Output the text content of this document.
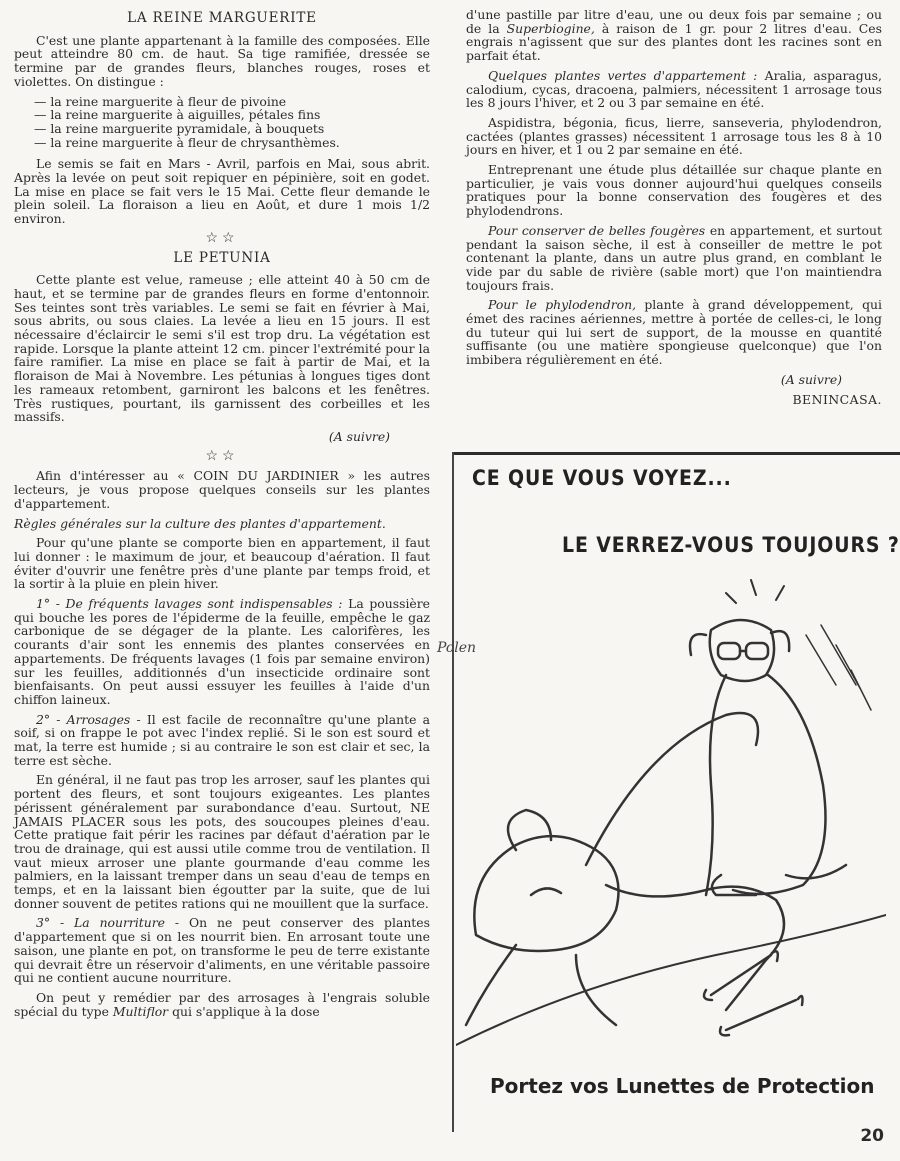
LA REINE MARGUERITE

C'est une plante appartenant à la famille des composées. Elle peut atteindre 80 cm. de haut. Sa tige ramifiée, dressée se termine par de grandes fleurs, blanches rouges, roses et violettes. On distingue :

— la reine marguerite à fleur de pivoine
— la reine marguerite à aiguilles, pétales fins
— la reine marguerite pyramidale, à bouquets
— la reine marguerite à fleur de chrysanthèmes.

Le semis se fait en Mars - Avril, parfois en Mai, sous abrit. Après la levée on peut soit repiquer en pépinière, soit en godet. La mise en place se fait vers le 15 Mai. Cette fleur demande le plein soleil. La floraison a lieu en Août, et dure 1 mois 1/2 environ.

☆☆
LE PETUNIA

Cette plante est velue, rameuse ; elle atteint 40 à 50 cm de haut, et se termine par de grandes fleurs en forme d'entonnoir. Ses teintes sont très variables. Le semi se fait en février à Mai, sous abrits, ou sous claies. La levée a lieu en 15 jours. Il est nécessaire d'éclaircir le semi s'il est trop dru. La végétation est rapide. Lorsque la plante atteint 12 cm. pincer l'extrémité pour la faire ramifier. La mise en place se fait à partir de Mai, et la floraison de Mai à Novembre. Les pétunias à longues tiges dont les rameaux retombent, garniront les balcons et les fenêtres. Très rustiques, pourtant, ils garnissent des corbeilles et les massifs.

(A suivre)
☆☆

Afin d'intéresser au « COIN DU JARDINIER » les autres lecteurs, je vous propose quelques conseils sur les plantes d'appartement.

Règles générales sur la culture des plantes d'appartement.

Pour qu'une plante se comporte bien en appartement, il faut lui donner : le maximum de jour, et beaucoup d'aération. Il faut éviter d'ouvrir une fenêtre près d'une plante par temps froid, et la sortir à la pluie en plein hiver.

1° - De fréquents lavages sont indispensables : La poussière qui bouche les pores de l'épiderme de la feuille, empêche le gaz carbonique de se dégager de la plante. Les calorifères, les courants d'air sont les ennemis des plantes conservées en appartements. De fréquents lavages (1 fois par semaine environ) sur les feuilles, additionnés d'un insecticide ordinaire sont bienfaisants. On peut aussi essuyer les feuilles à l'aide d'un chiffon laineux.

2° - Arrosages - Il est facile de reconnaître qu'une plante a soif, si on frappe le pot avec l'index replié. Si le son est sourd et mat, la terre est humide ; si au contraire le son est clair et sec, la terre est sèche.

En général, il ne faut pas trop les arroser, sauf les plantes qui portent des fleurs, et sont toujours exigeantes. Les plantes périssent généralement par surabondance d'eau. Surtout, NE JAMAIS PLACER sous les pots, des soucoupes pleines d'eau. Cette pratique fait périr les racines par défaut d'aération par le trou de drainage, qui est aussi utile comme trou de ventilation. Il vaut mieux arroser une plante gourmande d'eau comme les palmiers, en la laissant tremper dans un seau d'eau de temps en temps, et en la laissant bien égoutter par la suite, que de lui donner souvent de petites rations qui ne mouillent que la surface.

3° - La nourriture - On ne peut conserver des plantes d'appartement que si on les nourrit bien. En arrosant toute une saison, une plante en pot, on transforme le peu de terre existante qui devrait être un réservoir d'aliments, en une véritable passoire qui ne contient aucune nourriture.

On peut y remédier par des arrosages à l'engrais soluble spécial du type Multiflor qui s'applique à la dose

d'une pastille par litre d'eau, une ou deux fois par semaine ; ou de la Superbiogine, à raison de 1 gr. pour 2 litres d'eau. Ces engrais n'agissent que sur des plantes dont les racines sont en parfait état.

Quelques plantes vertes d'appartement : Aralia, asparagus, calodium, cycas, dracoena, palmiers, nécessitent 1 arrosage tous les 8 jours l'hiver, et 2 ou 3 par semaine en été.

Aspidistra, bégonia, ficus, lierre, sanseveria, phylodendron, cactées (plantes grasses) nécessitent 1 arrosage tous les 8 à 10 jours en hiver, et 1 ou 2 par semaine en été.

Entreprenant une étude plus détaillée sur chaque plante en particulier, je vais vous donner aujourd'hui quelques conseils pratiques pour la bonne conservation des fougères et des phylodendrons.

Pour conserver de belles fougères en appartement, et surtout pendant la saison sèche, il est à conseiller de mettre le pot contenant la plante, dans un autre plus grand, en comblant le vide par du sable de rivière (sable mort) que l'on maintiendra toujours frais.

Pour le phylodendron, plante à grand développement, qui émet des racines aériennes, mettre à portée de celles-ci, le long du tuteur qui lui sert de support, de la mousse en quantité suffisante (ou une matière spongieuse quelconque) que l'on imbibera régulièrement en été.

(A suivre)
BENINCASA.
CE QUE VOUS VOYEZ...
LE VERREZ-VOUS TOUJOURS ?
Polen
Portez vos Lunettes de Protection
20
